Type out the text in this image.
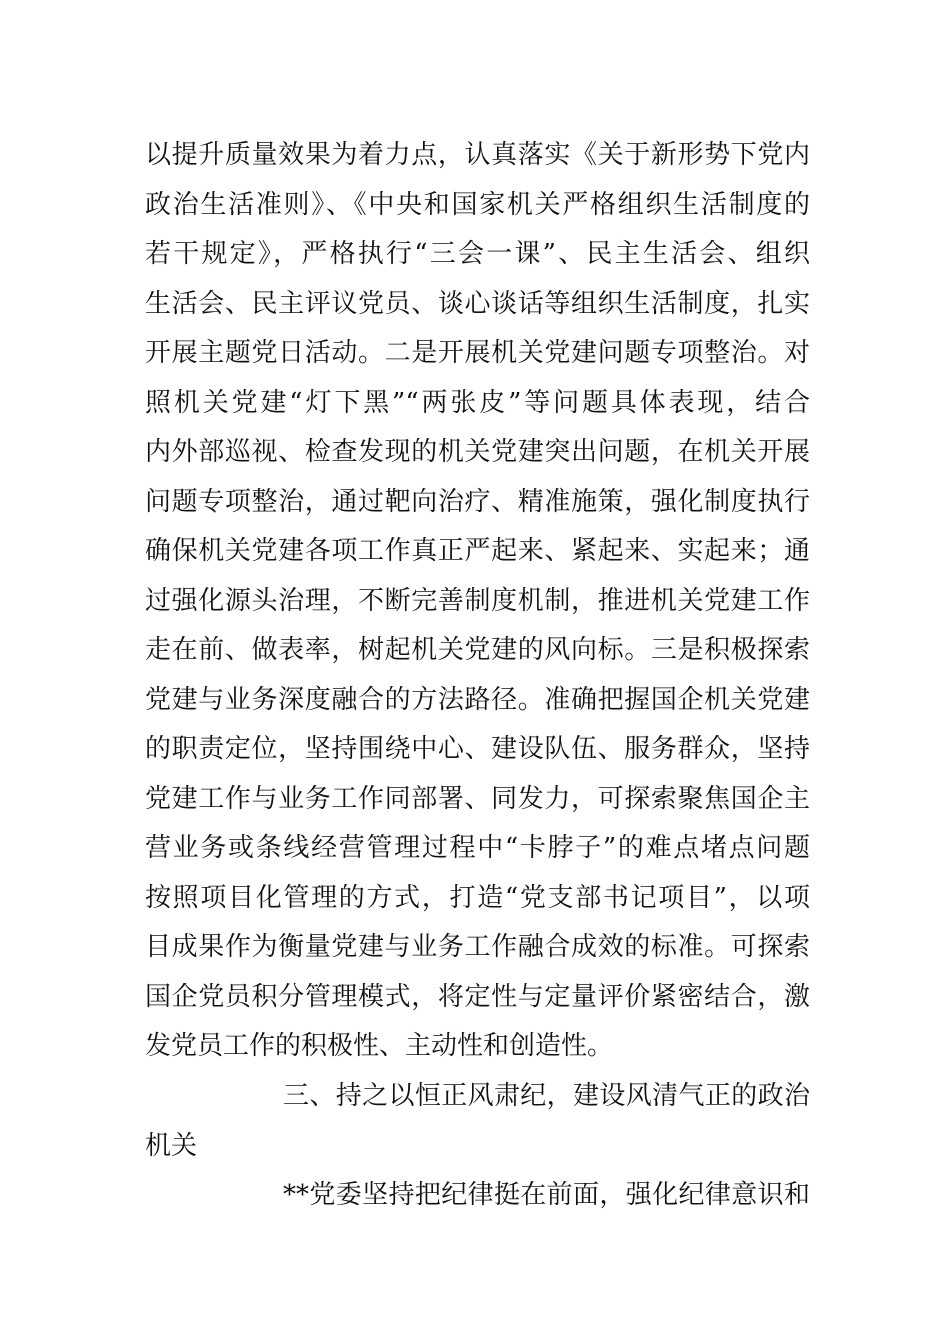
以提升质量效果为着力点，认真落实《关于新形势下党内
政治生活准则》、《中央和国家机关严格组织生活制度的
若干规定》，严格执行“三会一课”、民主生活会、组织
生活会、民主评议党员、谈心谈话等组织生活制度，扎实
开展主题党日活动。二是开展机关党建问题专项整治。对
照机关党建“灯下黑”“两张皮”等问题具体表现，结合
内外部巡视、检查发现的机关党建突出问题，在机关开展
问题专项整治，通过靶向治疗、精准施策，强化制度执行
确保机关党建各项工作真正严起来、紧起来、实起来；通
过强化源头治理，不断完善制度机制，推进机关党建工作
走在前、做表率，树起机关党建的风向标。三是积极探索
党建与业务深度融合的方法路径。准确把握国企机关党建
的职责定位，坚持围绕中心、建设队伍、服务群众，坚持
党建工作与业务工作同部署、同发力，可探索聚焦国企主
营业务或条线经营管理过程中“卡脖子”的难点堵点问题
按照项目化管理的方式，打造“党支部书记项目”，以项
目成果作为衡量党建与业务工作融合成效的标准。可探索
国企党员积分管理模式，将定性与定量评价紧密结合，激
发党员工作的积极性、主动性和创造性。
三、持之以恒正风肃纪，建设风清气正的政治
机关
**党委坚持把纪律挺在前面，强化纪律意识和
